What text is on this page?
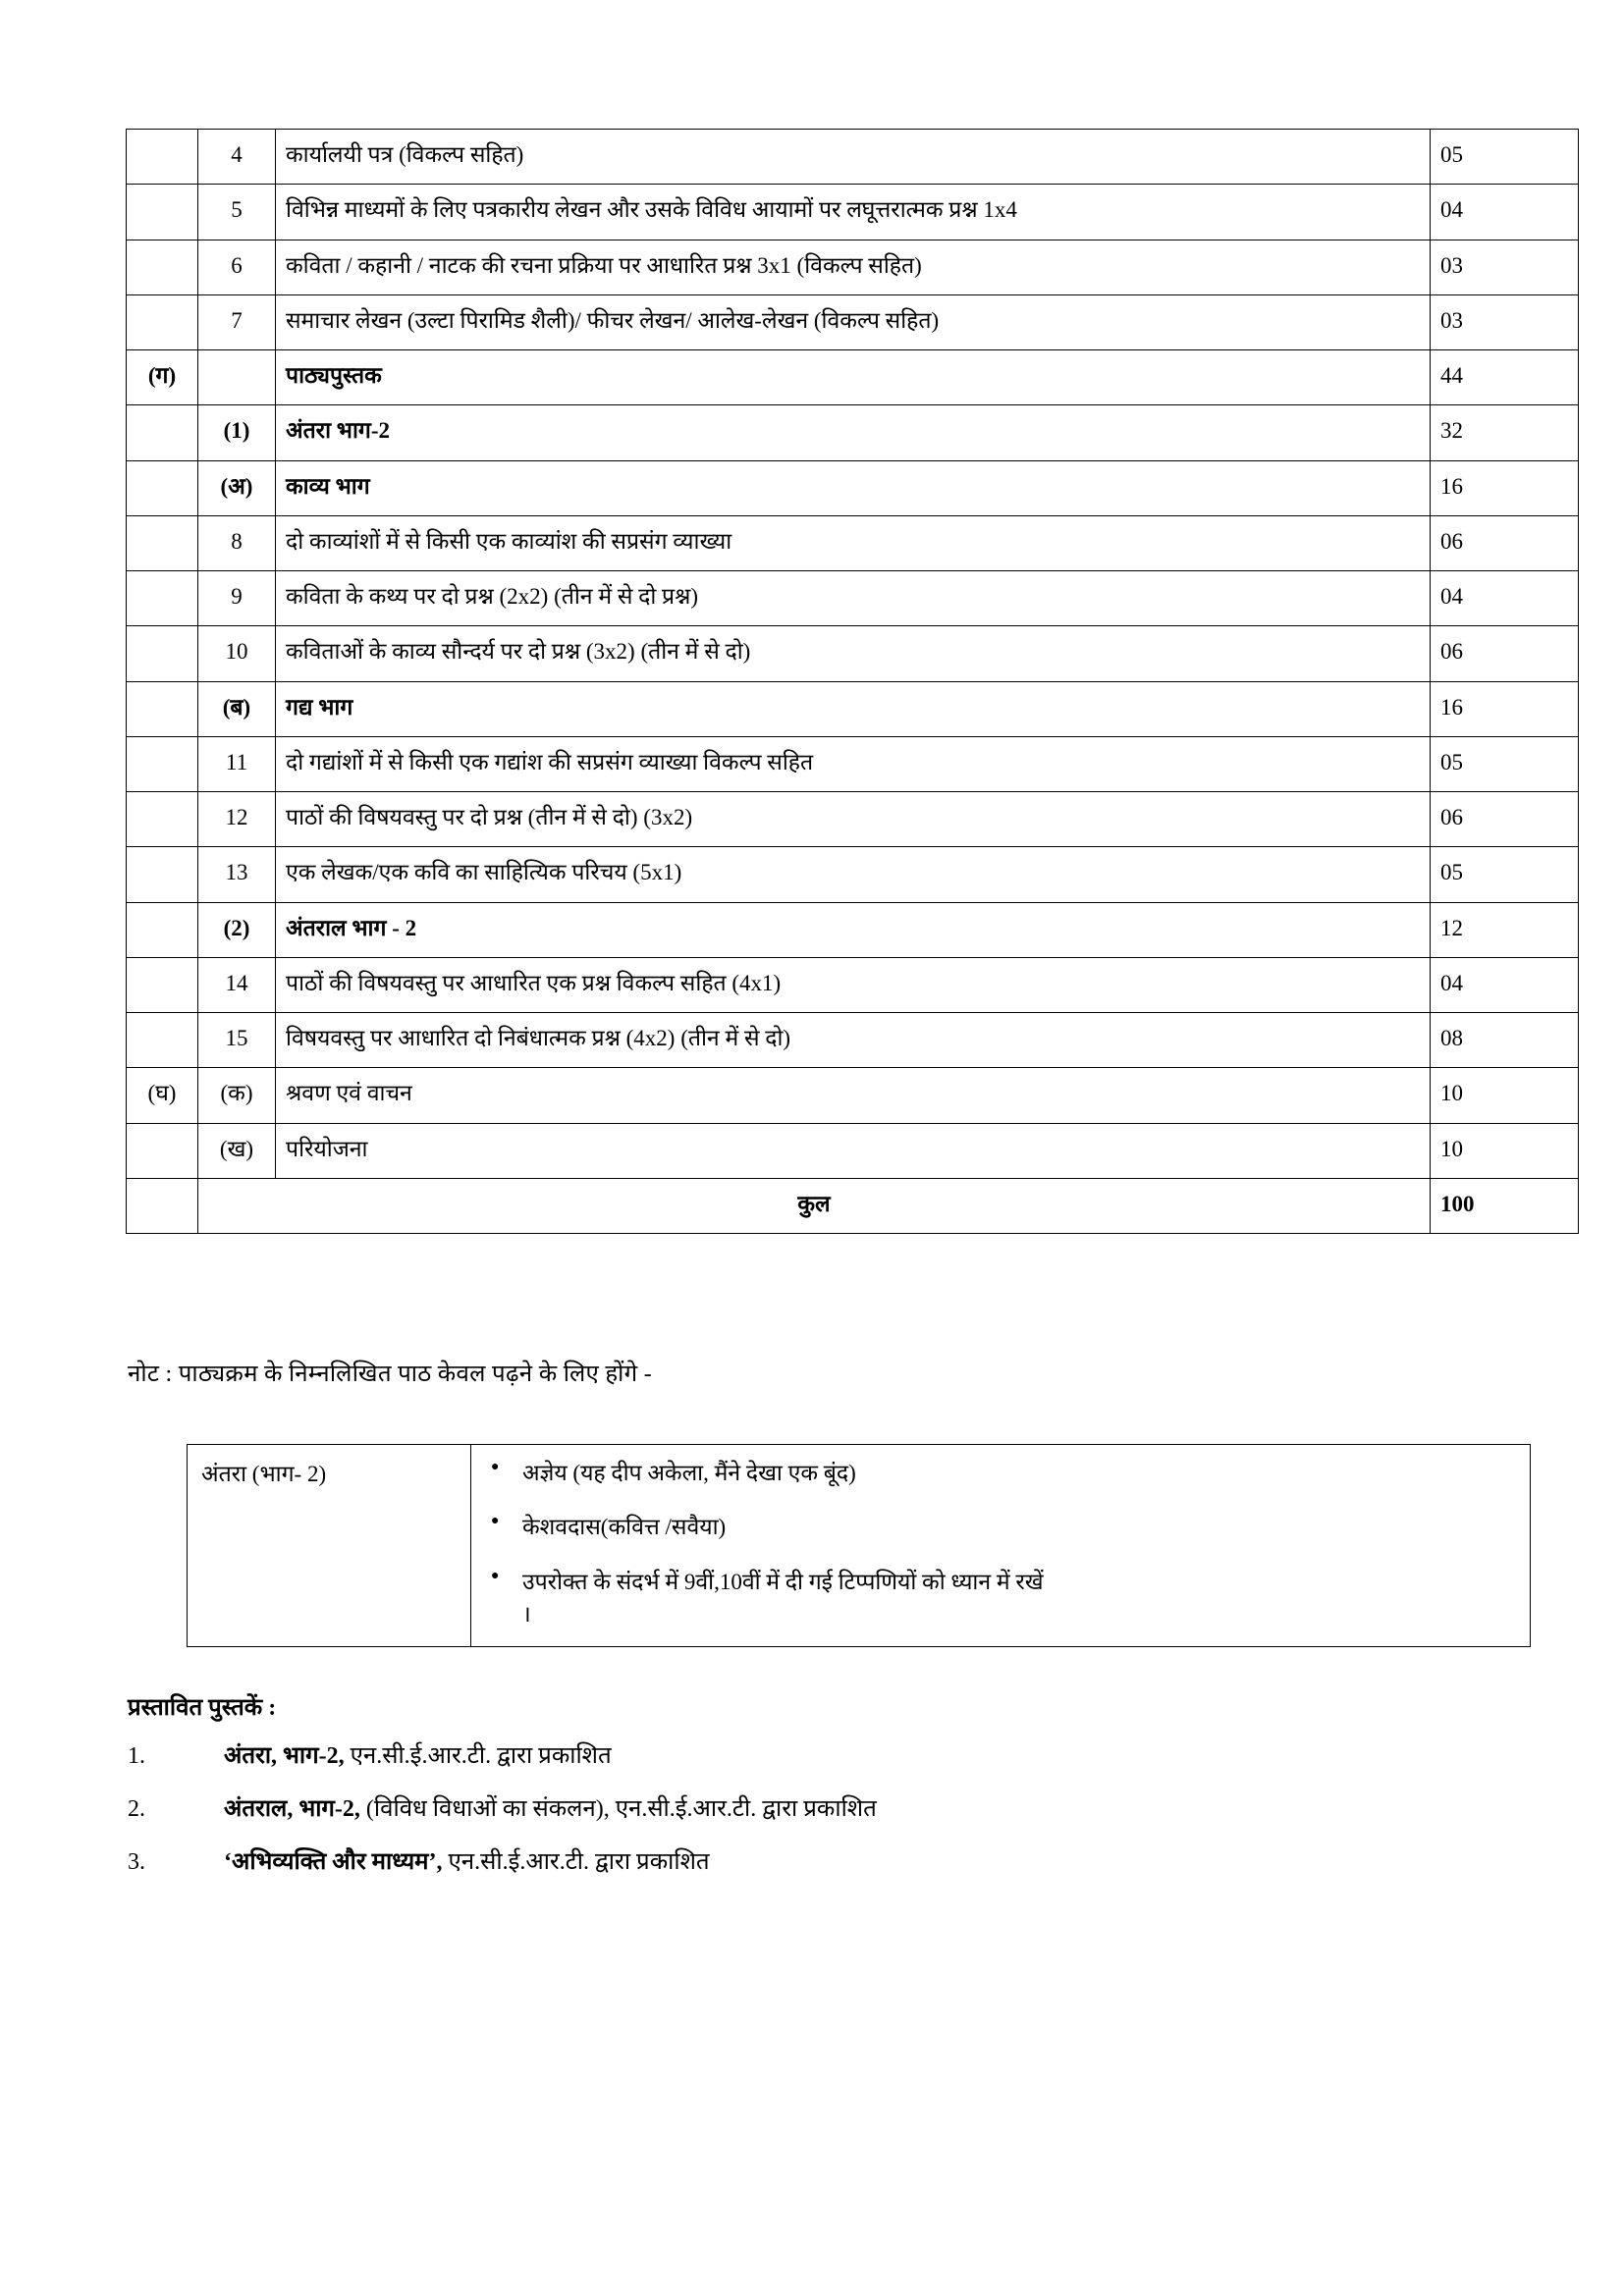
	4	कार्यालयी पत्र (विकल्प सहित)	05
	5	विभिन्न माध्यमों के लिए पत्रकारीय लेखन और उसके विविध आयामों पर लघूत्तरात्मक प्रश्न 1x4	04
	6	कविता / कहानी / नाटक की रचना प्रक्रिया पर आधारित प्रश्न 3x1 (विकल्प सहित)	03
	7	समाचार लेखन (उल्टा पिरामिड शैली)/ फीचर लेखन/ आलेख-लेखन (विकल्प सहित)	03
(ग)		पाठ्यपुस्तक	44
	(1)	अंतरा भाग-2	32
	(अ)	काव्य भाग	16
	8	दो काव्यांशों में से किसी एक काव्यांश की सप्रसंग व्याख्या	06
	9	कविता के कथ्य पर दो प्रश्न (2x2) (तीन में से दो प्रश्न)	04
	10	कविताओं के काव्य सौन्दर्य पर दो प्रश्न (3x2) (तीन में से दो)	06
	(ब)	गद्य भाग	16
	11	दो गद्यांशों में से किसी एक गद्यांश की सप्रसंग व्याख्या विकल्प सहित	05
	12	पाठों की विषयवस्तु पर दो प्रश्न (तीन में से दो) (3x2)	06
	13	एक लेखक/एक कवि का साहित्यिक परिचय (5x1)	05
	(2)	अंतराल भाग - 2	12
	14	पाठों की विषयवस्तु पर आधारित एक प्रश्न विकल्प सहित (4x1)	04
	15	विषयवस्तु पर आधारित दो निबंधात्मक प्रश्न (4x2) (तीन में से दो)	08
(घ)	(क)	श्रवण एवं वाचन	10
	(ख)	परियोजना	10
	कुल		100
नोट : पाठ्यक्रम के निम्नलिखित पाठ केवल पढ़ने के लिए होंगे -
अंतरा (भाग- 2)	
●अज्ञेय (यह दीप अकेला, मैंने देखा एक बूंद)
● केशवदास(कवित्त /सवैया)
● उपरोक्त के संदर्भ में 9वीं,10वीं में दी गई टिप्पणियों को ध्यान में रखें
।
प्रस्तावित पुस्तकें :
1.	अंतरा, भाग-2, एन.सी.ई.आर.टी. द्वारा प्रकाशित
2.	अंतराल, भाग-2, (विविध विधाओं का संकलन), एन.सी.ई.आर.टी. द्वारा प्रकाशित
3.	‘अभिव्यक्ति और माध्यम’, एन.सी.ई.आर.टी. द्वारा प्रकाशित
